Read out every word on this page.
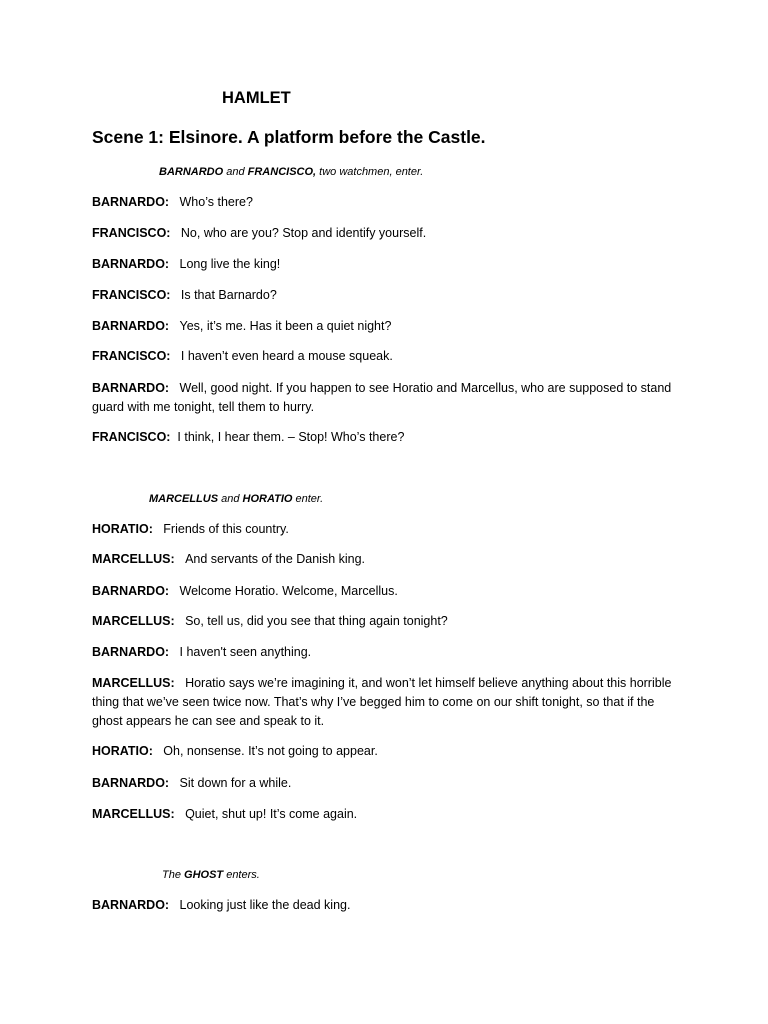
HAMLET
Scene 1: Elsinore. A platform before the Castle.
BARNARDO and FRANCISCO, two watchmen, enter.
BARNARDO: Who’s there?
FRANCISCO: No, who are you? Stop and identify yourself.
BARNARDO: Long live the king!
FRANCISCO: Is that Barnardo?
BARNARDO: Yes, it’s me. Has it been a quiet night?
FRANCISCO: I haven’t even heard a mouse squeak.
BARNARDO: Well, good night. If you happen to see Horatio and Marcellus, who are supposed to stand guard with me tonight, tell them to hurry.
FRANCISCO: I think, I hear them. – Stop! Who’s there?
MARCELLUS and HORATIO enter.
HORATIO: Friends of this country.
MARCELLUS: And servants of the Danish king.
BARNARDO: Welcome Horatio. Welcome, Marcellus.
MARCELLUS: So, tell us, did you see that thing again tonight?
BARNARDO: I haven't seen anything.
MARCELLUS: Horatio says we’re imagining it, and won’t let himself believe anything about this horrible thing that we’ve seen twice now. That’s why I’ve begged him to come on our shift tonight, so that if the ghost appears he can see and speak to it.
HORATIO: Oh, nonsense. It’s not going to appear.
BARNARDO: Sit down for a while.
MARCELLUS: Quiet, shut up! It’s come again.
The GHOST enters.
BARNARDO: Looking just like the dead king.
